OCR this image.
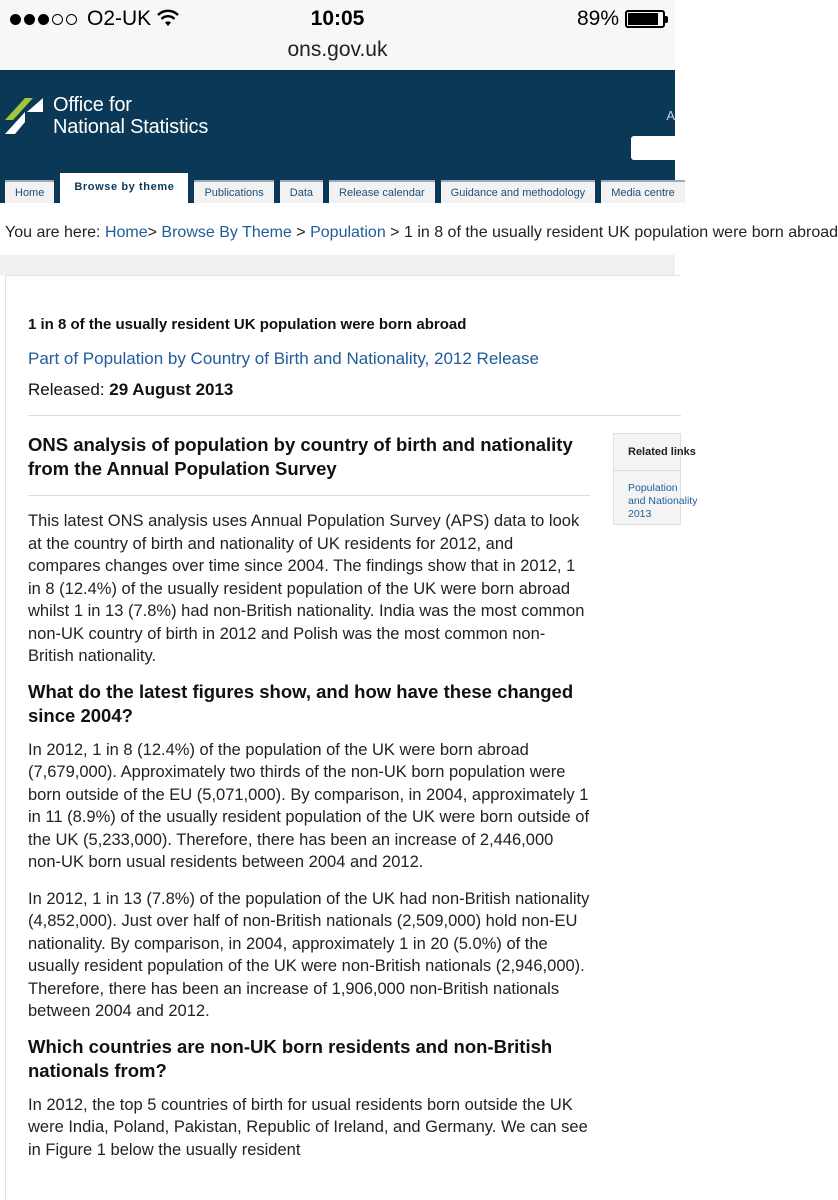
O2-UK	10:05	89%
ons.gov.uk
Office for
National Statistics
A
Home	Browse by theme	Publications	Data	Release calendar	Guidance and methodology	Media centre
You are here: Home> Browse By Theme > Population > 1 in 8 of the usually resident UK population were born abroad
1 in 8 of the usually resident UK population were born abroad
Part of Population by Country of Birth and Nationality, 2012 Release
Released: 29 August 2013
ONS analysis of population by country of birth and nationality from the Annual Population Survey

This latest ONS analysis uses Annual Population Survey (APS) data to look at the country of birth and nationality of UK residents for 2012, and compares changes over time since 2004. The findings show that in 2012, 1 in 8 (12.4%) of the usually resident population of the UK were born abroad whilst 1 in 13 (7.8%) had non-British nationality. India was the most common non-UK country of birth in 2012 and Polish was the most common non-British nationality.

What do the latest figures show, and how have these changed since 2004?

In 2012, 1 in 8 (12.4%) of the population of the UK were born abroad (7,679,000). Approximately two thirds of the non-UK born population were born outside of the EU (5,071,000). By comparison, in 2004, approximately 1 in 11 (8.9%) of the usually resident population of the UK were born outside of the UK (5,233,000). Therefore, there has been an increase of 2,446,000 non-UK born usual residents between 2004 and 2012.

In 2012, 1 in 13 (7.8%) of the population of the UK had non-British nationality (4,852,000). Just over half of non-British nationals (2,509,000) hold non-EU nationality. By comparison, in 2004, approximately 1 in 20 (5.0%) of the usually resident population of the UK were non-British nationals (2,946,000). Therefore, there has been an increase of 1,906,000 non-British nationals between 2004 and 2012.

Which countries are non-UK born residents and non-British nationals from?

In 2012, the top 5 countries of birth for usual residents born outside the UK were India, Poland, Pakistan, Republic of Ireland, and Germany. We can see in Figure 1 below the usually resident

Related links
Population
and Nationality
2013
